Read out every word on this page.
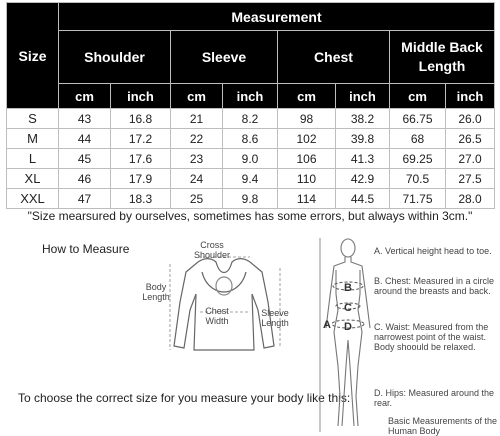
Size	Measurement							
	Shoulder		Sleeve		Chest		Middle Back Length	
	cm	inch	cm	inch	cm	inch	cm	inch
S	43	16.8	21	8.2	98	38.2	66.75	26.0
M	44	17.2	22	8.6	102	39.8	68	26.5
L	45	17.6	23	9.0	106	41.3	69.25	27.0
XL	46	17.9	24	9.4	110	42.9	70.5	27.5
XXL	47	18.3	25	9.8	114	44.5	71.75	28.0
"Size mearsured by ourselves, sometimes has some errors, but always within 3cm."
How to Measure	Cross
Shoulder
Body
Length
Chest
Width
Sleeve
Length
To choose the correct size for you measure your body like this:
A
B
C
D
A. Vertical height head to toe.
B. Chest: Measured in a circle around the breasts and back.
C. Waist: Measured from the narrowest point of the waist. Body shoould be relaxed.
D. Hips: Measured around the rear.
Basic Measurements of the Human Body
